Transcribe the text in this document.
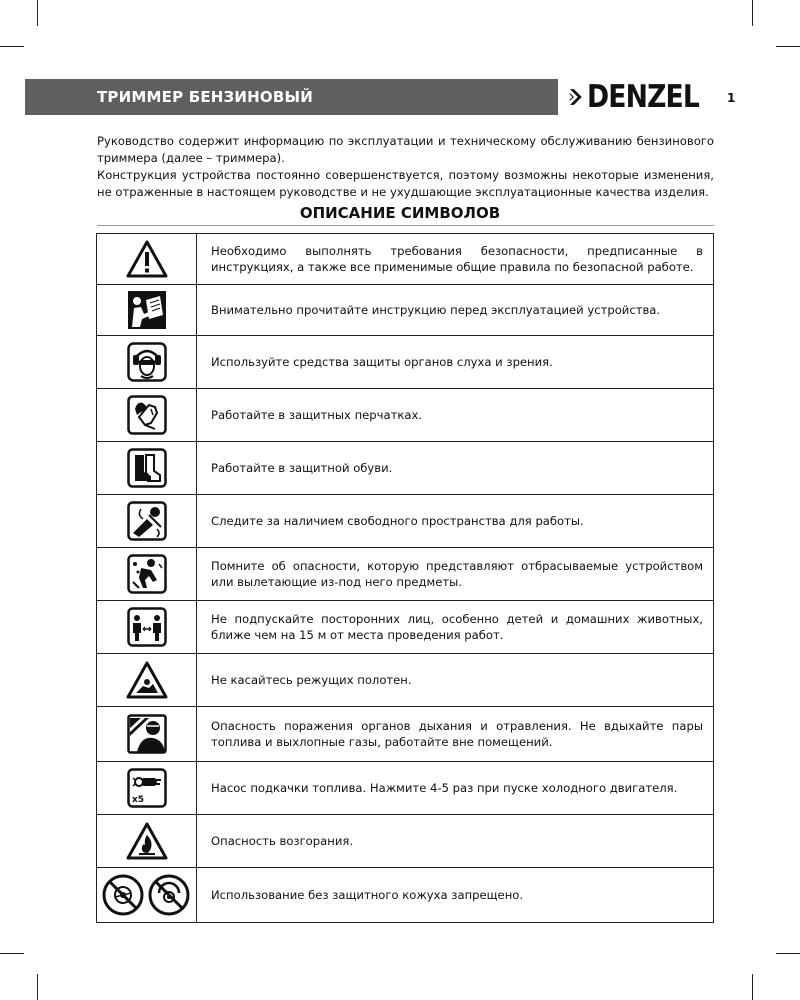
ТРИММЕР БЕНЗИНОВЫЙ	DENZEL 1

Руководство содержит информацию по эксплуатации и техническому обслуживанию бензинового триммера (далее – триммера).

Конструкция устройства постоянно совершенствуется, поэтому возможны некоторые изменения, не отраженные в настоящем руководстве и не ухудшающие эксплуатационные качества изделия.

ОПИСАНИЕ СИМВОЛОВ
	Необходимо выполнять требования безопасности, предписанные в инструкциях, а также все применимые общие правила по безопасной работе.

	Внимательно прочитайте инструкцию перед эксплуатацией устройства.

	Используйте средства защиты органов слуха и зрения.

	Работайте в защитных перчатках.

	Работайте в защитной обуви.

	Следите за наличием свободного пространства для работы.

	Помните об опасности, которую представляют отбрасываемые устройством или вылетающие из-под него предметы.

	Не подпускайте посторонних лиц, особенно детей и домашних животных, ближе чем на 15 м от места проведения работ.

	Не касайтесь режущих полотен.

	Опасность поражения органов дыхания и отравления. Не вдыхайте пары топлива и выхлопные газы, работайте вне помещений.

x5	Насос подкачки топлива. Нажмите 4-5 раз при пуске холодного двигателя.

	Опасность возгорания.

	Использование без защитного кожуха запрещено.
